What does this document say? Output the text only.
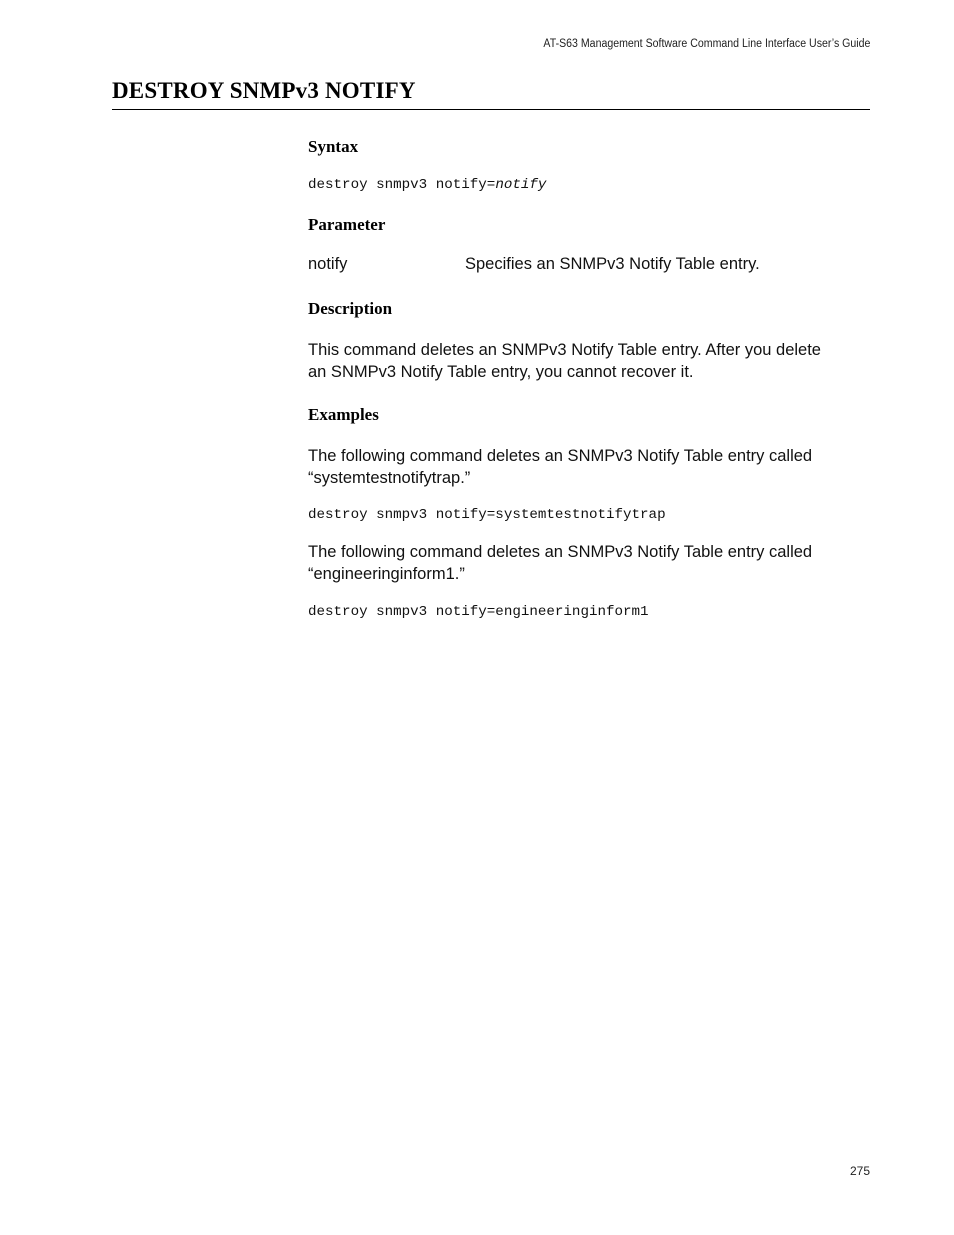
AT-S63 Management Software Command Line Interface User’s Guide
DESTROY SNMPv3 NOTIFY
Syntax
destroy snmpv3 notify=notify
Parameter
notify	Specifies an SNMPv3 Notify Table entry.
Description
This command deletes an SNMPv3 Notify Table entry. After you delete
an SNMPv3 Notify Table entry, you cannot recover it.
Examples
The following command deletes an SNMPv3 Notify Table entry called
“systemtestnotifytrap.”
destroy snmpv3 notify=systemtestnotifytrap
The following command deletes an SNMPv3 Notify Table entry called
“engineeringinform1.”
destroy snmpv3 notify=engineeringinform1
275
